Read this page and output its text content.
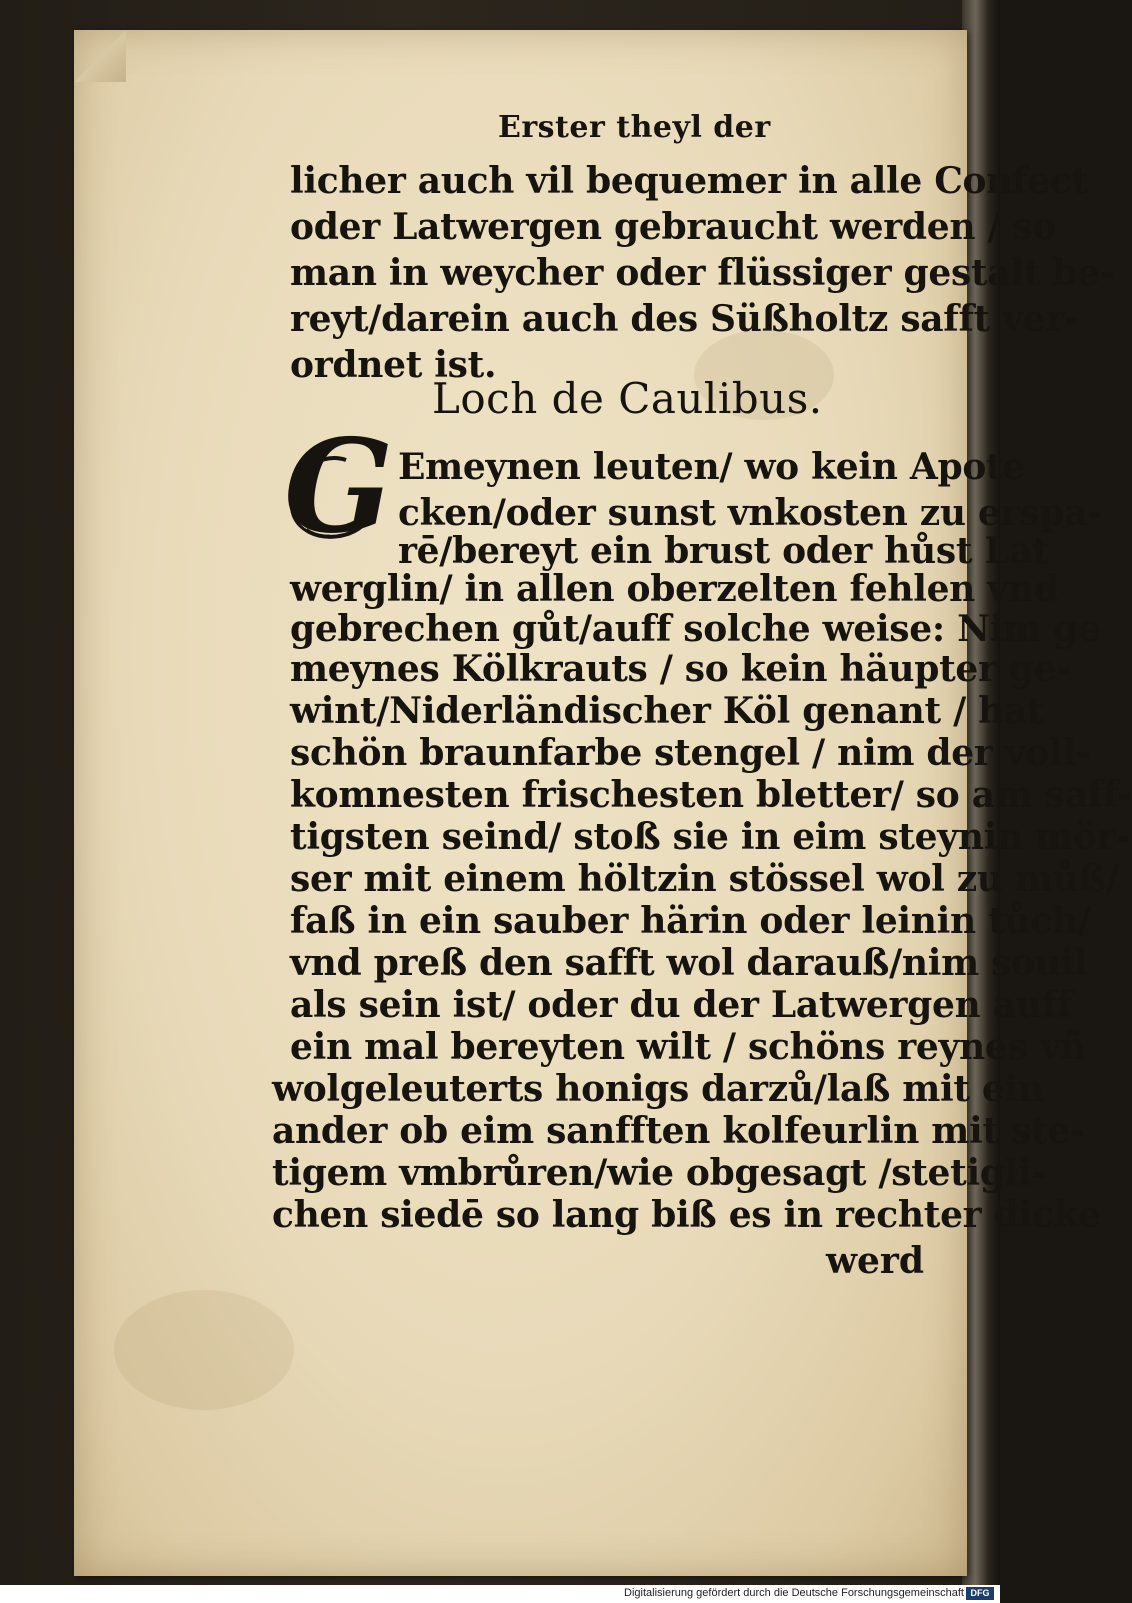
Erster theyl der
licher auch vil bequemer in alle Confect
oder Latwergen gebraucht werden / so
man in weycher oder flüssiger gestalt be-
reyt/darein auch des Süßholtz safft ver-
ordnet ist.
Loch de Caulibus.
G Emeynen leuten/ wo kein Apote
cken/oder sunst vnkosten zu erspa-
rē/bereyt ein brust oder hůst Lat
werglin/ in allen oberzelten fehlen vnd
gebrechen gůt/auff solche weise: Nim ge
meynes Kölkrauts / so kein häupter ge-
wint/Niderländischer Köl genant / hat
schön braunfarbe stengel / nim der voll-
komnesten frischesten bletter/ so am saff-
tigsten seind/ stoß sie in eim steynin mör-
ser mit einem höltzin stössel wol zu můß/
faß in ein sauber härin oder leinin tůch/
vnd preß den safft wol darauß/nim souil
als sein ist/ oder du der Latwergen auff
ein mal bereyten wilt / schöns reynes vñ
wolgeleuterts honigs darzů/laß mit ein
ander ob eim sanfften kolfeurlin mit ste-
tigem vmbrůren/wie obgesagt /stetigli-
chen siedē so lang biß es in rechter dicke
werd
Digitalisierung gefördert durch die Deutsche Forschungsgemeinschaft DFG
